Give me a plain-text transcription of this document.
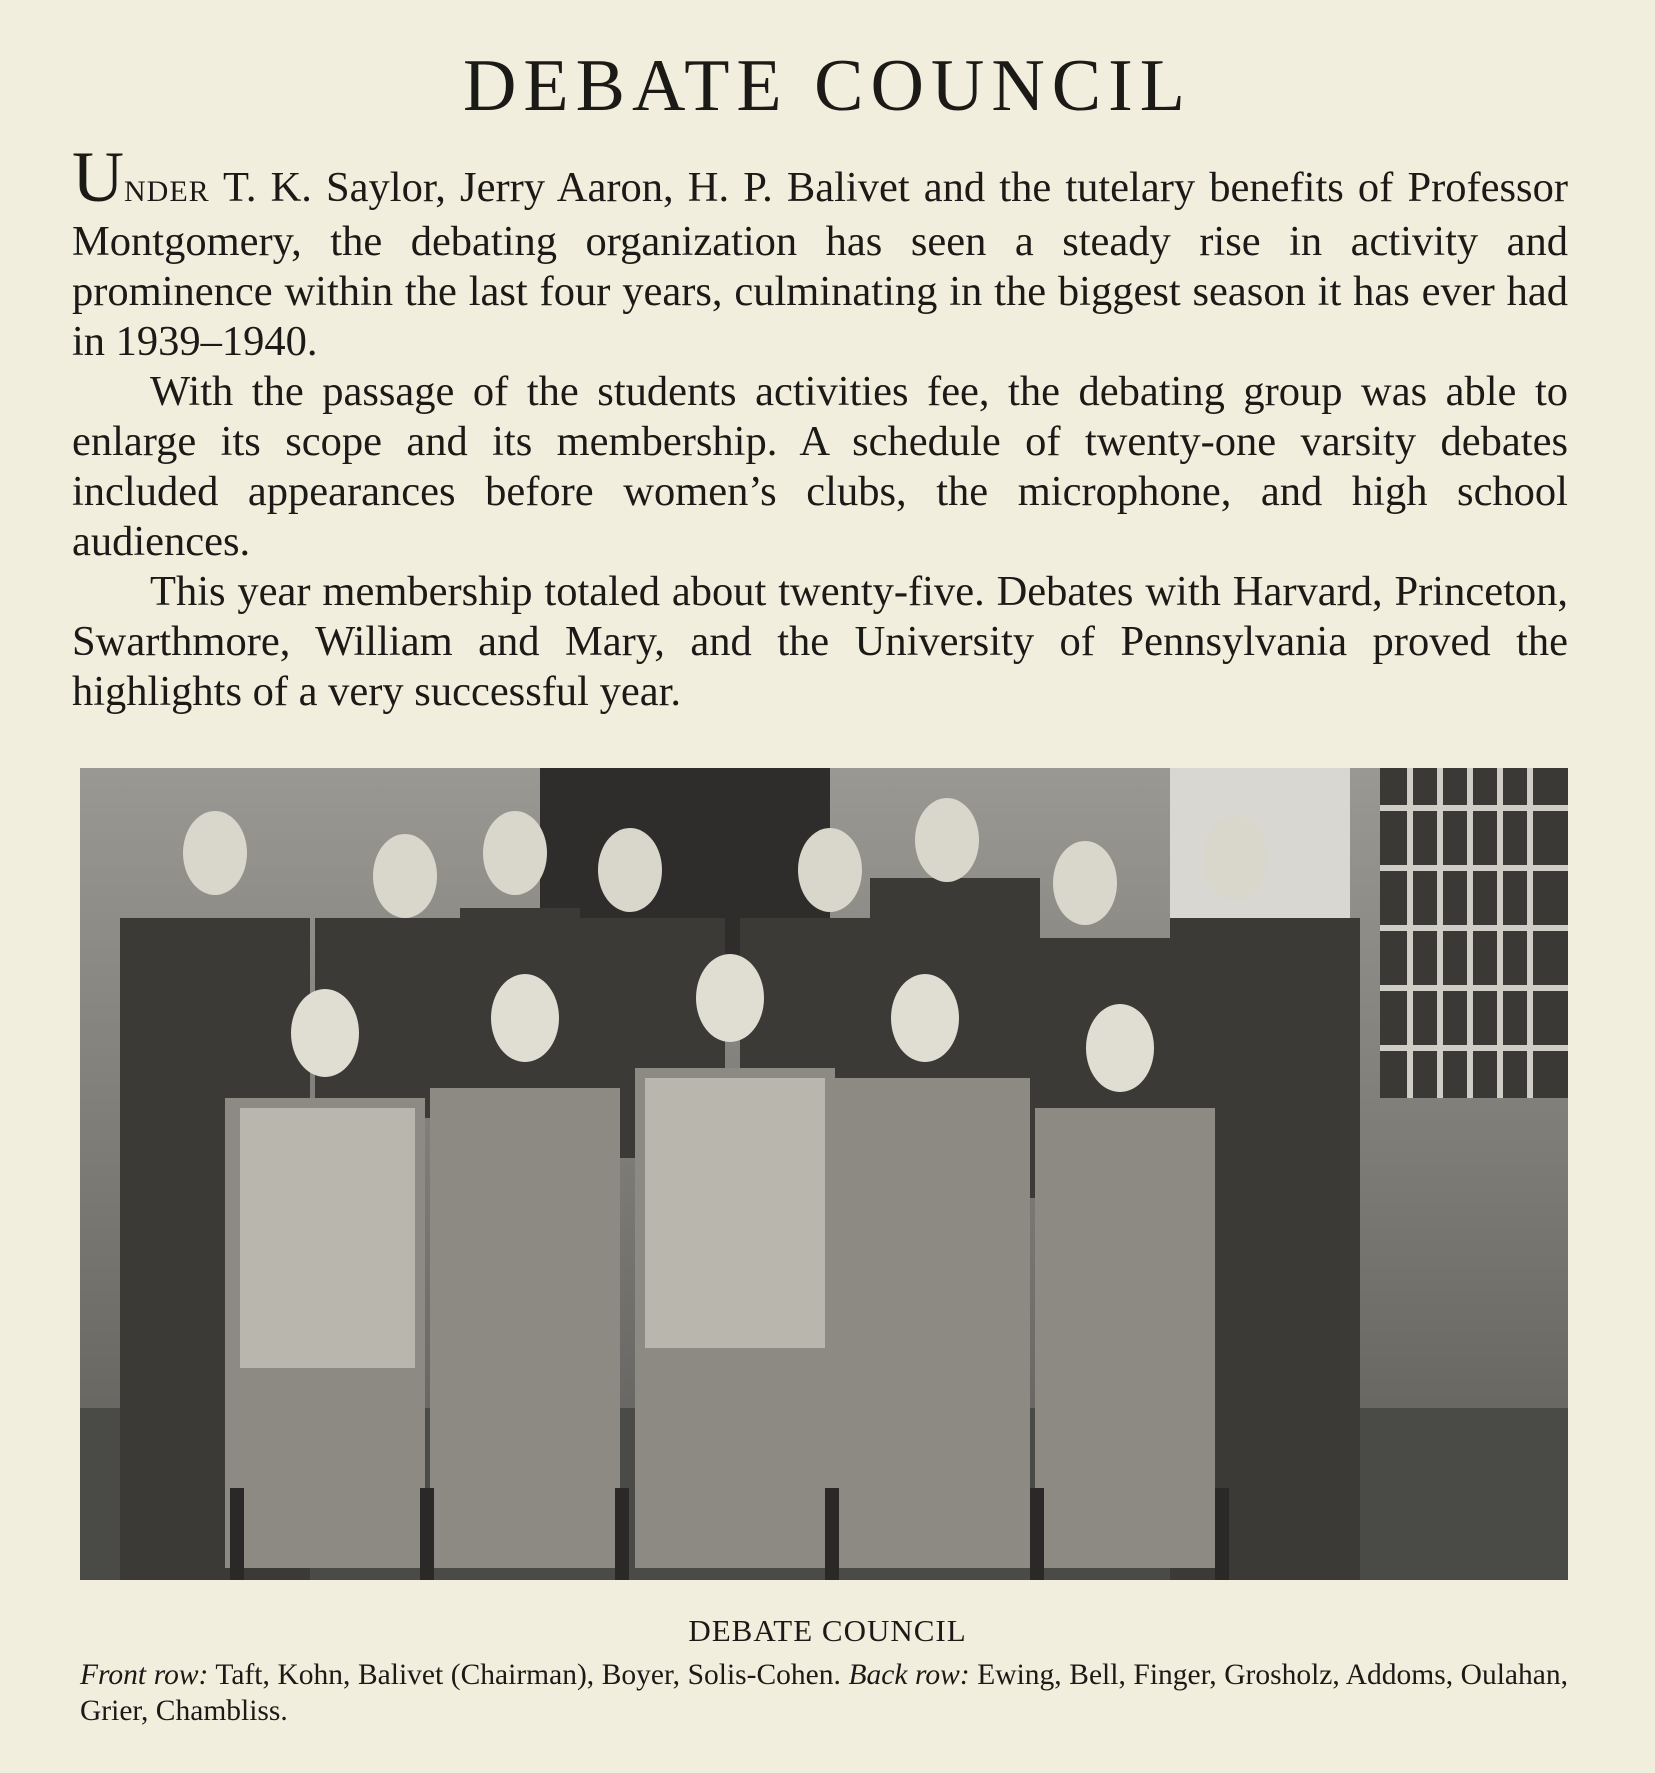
DEBATE COUNCIL

UNDER T. K. Saylor, Jerry Aaron, H. P. Balivet and the tutelary benefits of Professor Montgomery, the debating organization has seen a steady rise in activity and prominence within the last four years, culminating in the biggest season it has ever had in 1939–1940.

With the passage of the students activities fee, the debating group was able to enlarge its scope and its membership. A schedule of twenty-one varsity debates included appearances before women’s clubs, the microphone, and high school audiences.

This year membership totaled about twenty-five. Debates with Harvard, Princeton, Swarthmore, William and Mary, and the University of Pennsylvania proved the highlights of a very successful year.

DEBATE COUNCIL

Front row: Taft, Kohn, Balivet (Chairman), Boyer, Solis-Cohen. Back row: Ewing, Bell, Finger, Grosholz, Addoms, Oulahan, Grier, Chambliss.
